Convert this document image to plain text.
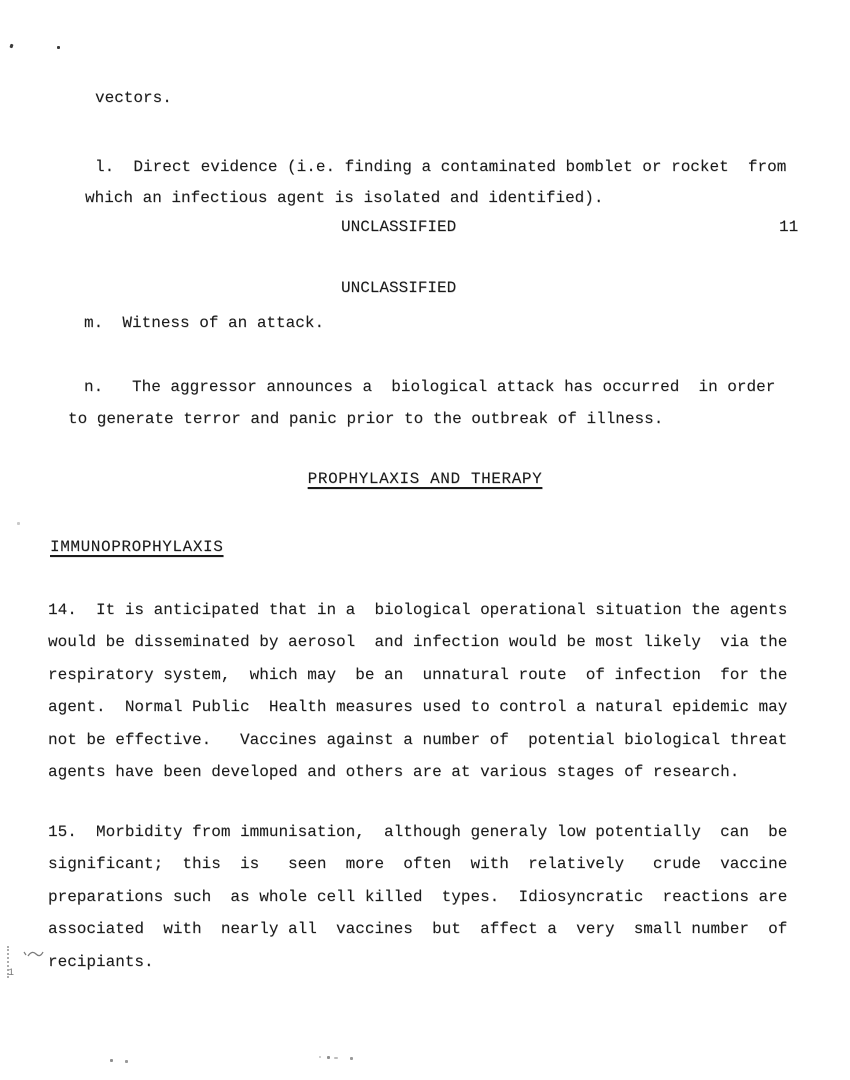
vectors.
l.  Direct evidence (i.e. finding a contaminated bomblet or rocket  from
which an infectious agent is isolated and identified).
UNCLASSIFIED	11
UNCLASSIFIED
m.  Witness of an attack.
n.   The aggressor announces a  biological attack has occurred  in order
to generate terror and panic prior to the outbreak of illness.
PROPHYLAXIS AND THERAPY
IMMUNOPROPHYLAXIS
14.  It is anticipated that in a  biological operational situation the agents
would be disseminated by aerosol  and infection would be most likely  via the
respiratory system,  which may  be an  unnatural route  of infection  for the
agent.  Normal Public  Health measures used to control a natural epidemic may
not be effective.   Vaccines against a number of  potential biological threat
agents have been developed and others are at various stages of research.
15.  Morbidity from immunisation,  although generaly low potentially  can  be
significant;  this  is   seen  more  often  with  relatively   crude  vaccine
preparations such  as whole cell killed  types.  Idiosyncratic  reactions are
associated  with  nearly all  vaccines  but  affect a  very  small number  of
recipiants.
1
